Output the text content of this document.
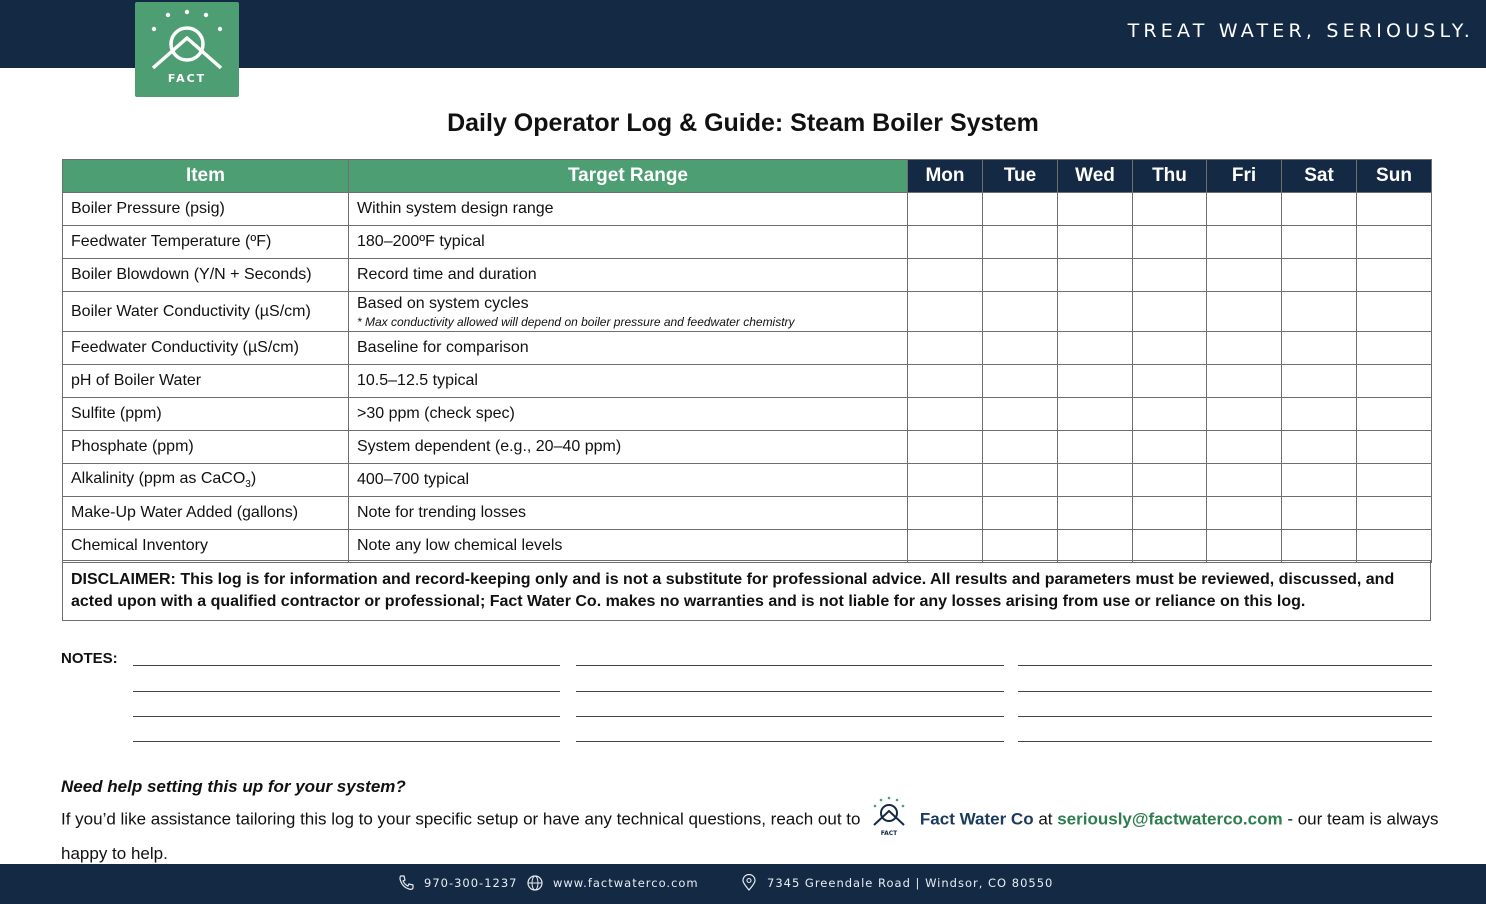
TREAT WATER, SERIOUSLY.
FACT
Daily Operator Log & Guide: Steam Boiler System
Item	Target Range	Mon	Tue	Wed	Thu	Fri	Sat	Sun
Boiler Pressure (psig)	Within system design range							
Feedwater Temperature (ºF)	180–200ºF typical							
Boiler Blowdown (Y/N + Seconds)	Record time and duration							
Boiler Water Conductivity (µS/cm)	Based on system cycles
* Max conductivity allowed will depend on boiler pressure and feedwater chemistry							

Feedwater Conductivity (µS/cm)	Baseline for comparison							
pH of Boiler Water	10.5–12.5 typical							
Sulfite (ppm)	>30 ppm (check spec)							
Phosphate (ppm)	System dependent (e.g., 20–40 ppm)							
Alkalinity (ppm as CaCO$_3$)	400–700 typical							
Make-Up Water Added (gallons)	Note for trending losses							
Chemical Inventory	Note any low chemical levels							
DISCLAIMER: This log is for information and record-keeping only and is not a substitute for professional advice. All results and parameters must be reviewed, discussed, and acted upon with a qualified contractor or professional; Fact Water Co. makes no warranties and is not liable for any losses arising from use or reliance on this log.
NOTES:
Need help setting this up for your system?
If you’d like assistance tailoring this log to your specific setup or have any technical questions, reach out to
FACT
Fact Water Co at seriously@factwaterco.com - our team is always happy to help.
970-300-1237	www.factwaterco.com	7345 Greendale Road | Windsor, CO 80550
